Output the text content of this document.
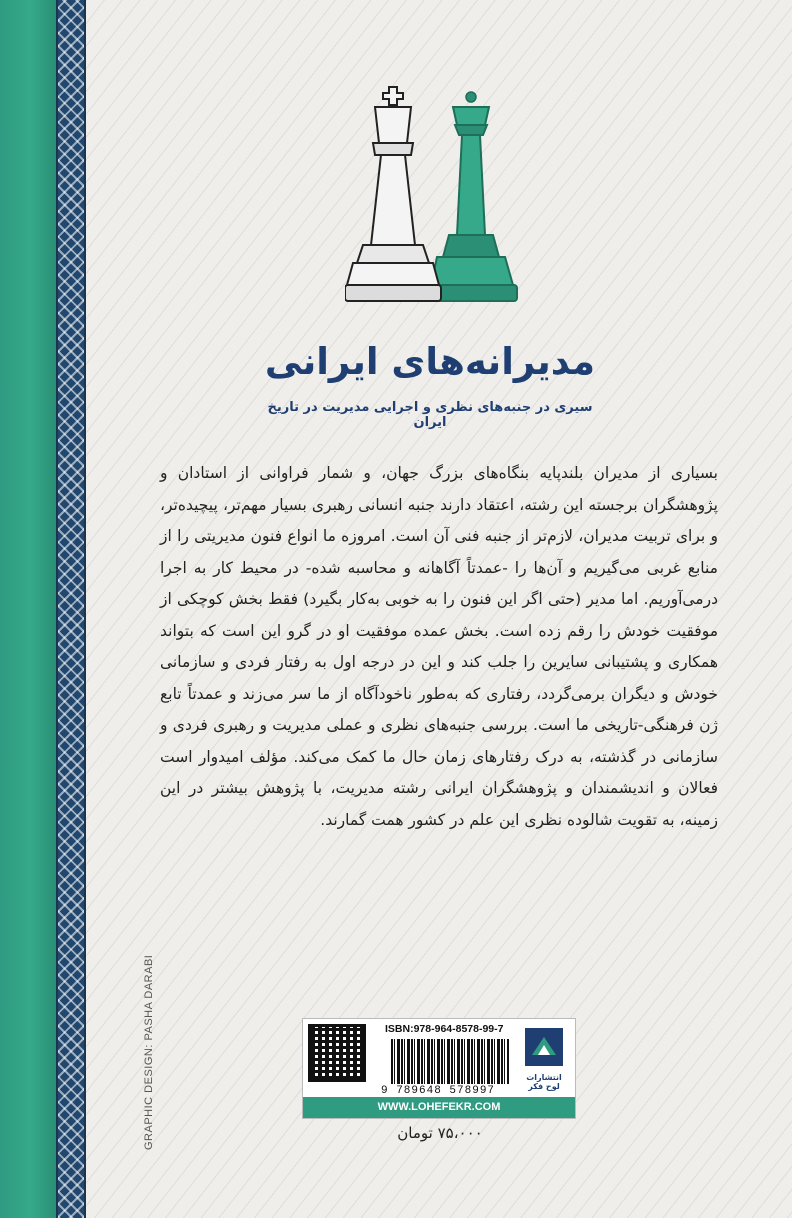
مدیرانه‌های ایرانی

سیری در جنبه‌های نظری و اجرایی مدیریت در تاریخ ایران

بسیاری از مدیران بلندپایه بنگاه‌های بزرگ جهان، و شمار فراوانی از استادان و پژوهشگران برجسته این رشته، اعتقاد دارند جنبه انسانی رهبری بسیار مهم‌تر، پیچیده‌تر، و برای تربیت مدیران، لازم‌تر از جنبه فنی آن است. امروزه ما انواع فنون مدیریتی را از منابع غربی می‌گیریم و آن‌ها را -عمدتاً آگاهانه و محاسبه شده- در محیط کار به اجرا درمی‌آوریم. اما مدیر (حتی اگر این فنون را به خوبی به‌کار بگیرد) فقط بخش کوچکی از موفقیت خودش را رقم زده است. بخش عمده موفقیت او در گرو این است که بتواند همکاری و پشتیبانی سایرین را جلب کند و این در درجه اول به رفتار فردی و سازمانی خودش و دیگران برمی‌گردد، رفتاری که به‌طور ناخودآگاه از ما سر می‌زند و عمدتاً تابع ژن فرهنگی-تاریخی ما است. بررسی جنبه‌های نظری و عملی مدیریت و رهبری فردی و سازمانی در گذشته، به درک رفتارهای زمان حال ما کمک می‌کند. مؤلف امیدوار است فعالان و اندیشمندان و پژوهشگران ایرانی رشته مدیریت، با پژوهش بیشتر در این زمینه، به تقویت شالوده نظری این علم در کشور همت گمارند.

GRAPHIC DESIGN: PASHA DARABI	ISBN:978-964-8578-99-7
9 789648 578997
انتشارات لوح فکر
WWW.LOHEFEKR.COM
۷۵،۰۰۰ تومان
